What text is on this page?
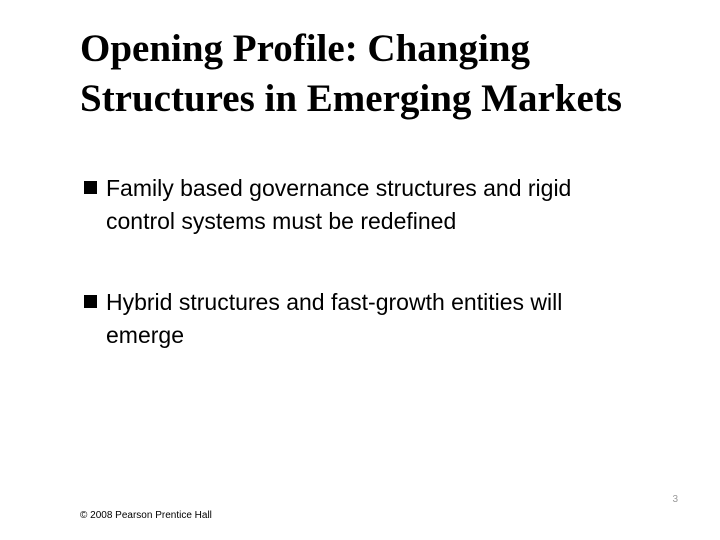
Opening Profile: Changing
Structures in Emerging Markets
Family based governance structures and rigid
control systems must be redefined
Hybrid structures and fast-growth entities will
emerge
3
© 2008 Pearson Prentice Hall
